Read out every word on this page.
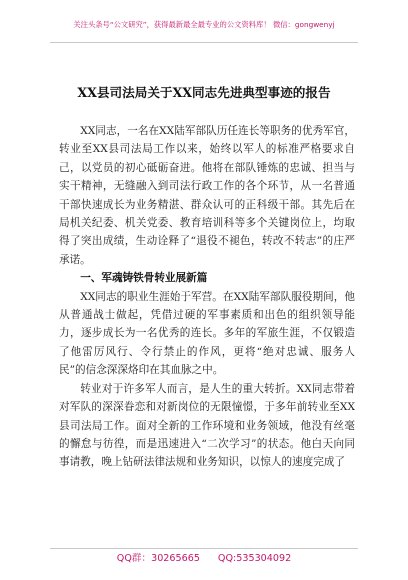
关注头条号“公文研究”，获得最新最全最专业的公文资料库！ 微信：gongwenyj
XX县司法局关于XX同志先进典型事迹的报告

XX同志，一名在XX陆军部队历任连长等职务的优秀军官，转业至XX县司法局工作以来，始终以军人的标准严格要求自己，以党员的初心砥砺奋进。他将在部队锤炼的忠诚、担当与实干精神，无缝融入到司法行政工作的各个环节，从一名普通干部快速成长为业务精湛、群众认可的正科级干部。其先后在局机关纪委、机关党委、教育培训科等多个关键岗位上，均取得了突出成绩，生动诠释了“退役不褪色，转改不转志”的庄严承诺。

一、军魂铸铁骨转业展新篇

XX同志的职业生涯始于军营。在XX陆军部队服役期间，他从普通战士做起，凭借过硬的军事素质和出色的组织领导能力，逐步成长为一名优秀的连长。多年的军旅生涯，不仅锻造了他雷厉风行、令行禁止的作风，更将“绝对忠诚、服务人民”的信念深深烙印在其血脉之中。

转业对于许多军人而言，是人生的重大转折。XX同志带着对军队的深深眷恋和对新岗位的无限憧憬，于多年前转业至XX县司法局工作。面对全新的工作环境和业务领域，他没有丝毫的懈怠与彷徨，而是迅速进入“二次学习”的状态。他白天向同事请教，晚上钻研法律法规和业务知识，以惊人的速度完成了

QQ群：30265665 QQ:535304092
